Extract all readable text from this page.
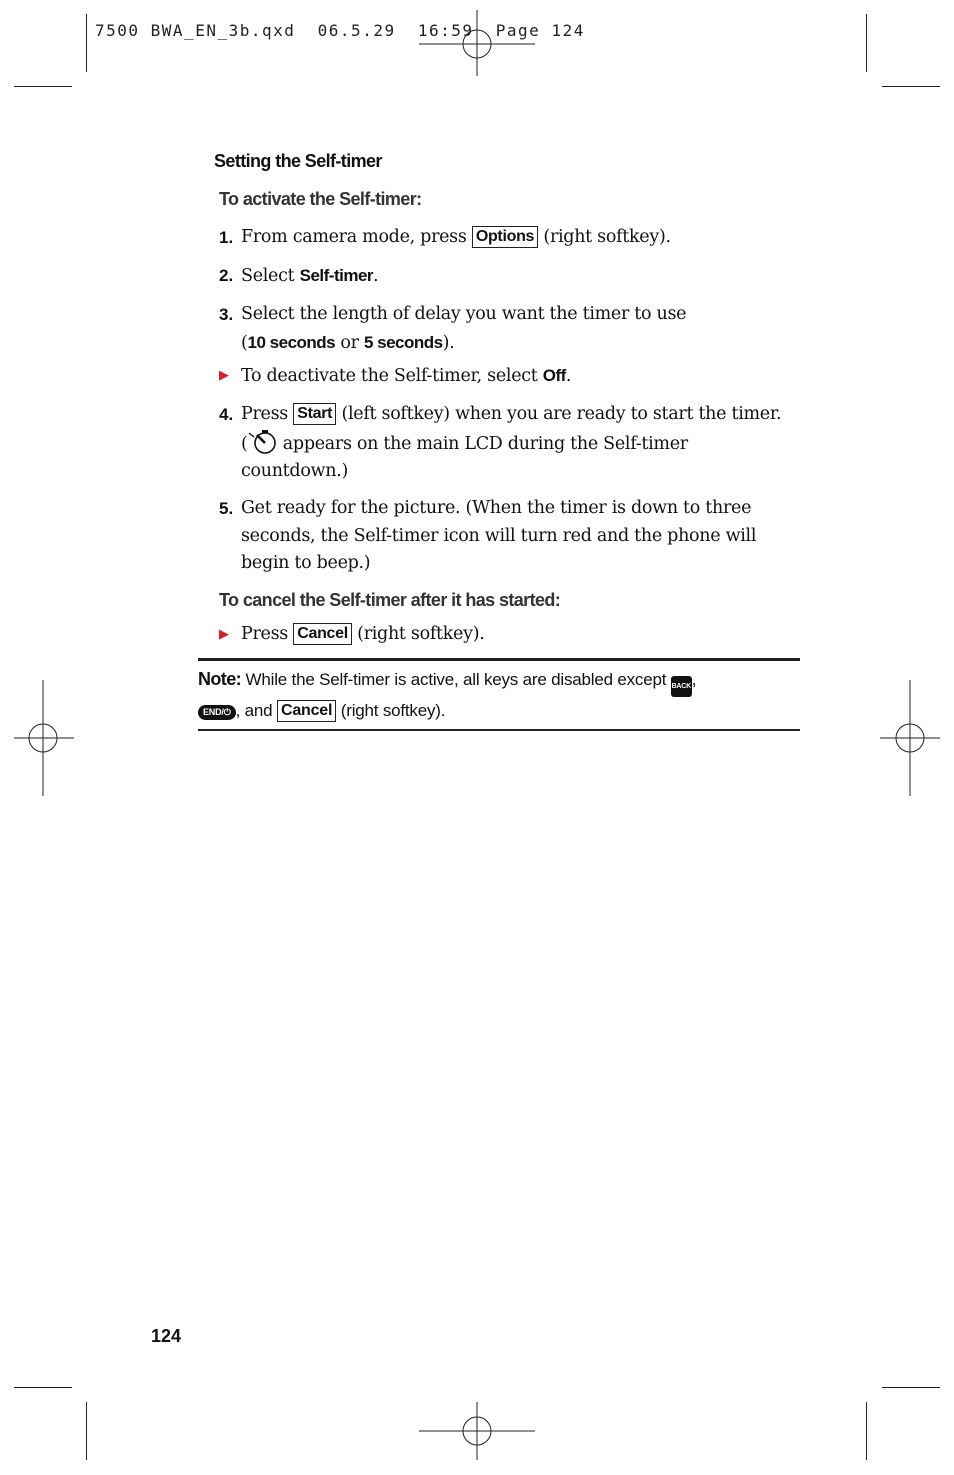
7500 BWA_EN_3b.qxd  06.5.29  16:59  Page 124
Setting the Self-timer
To activate the Self-timer:
1. From camera mode, press Options (right softkey).
2. Select Self-timer.
3. Select the length of delay you want the timer to use
(10 seconds or 5 seconds).
▶ To deactivate the Self-timer, select Off.
4. Press Start (left softkey) when you are ready to start the timer.
( appears on the main LCD during the Self-timer
countdown.)
5. Get ready for the picture. (When the timer is down to three seconds, the Self-timer icon will turn red and the phone will begin to beep.)
To cancel the Self-timer after it has started:
▶ Press Cancel (right softkey).
Note: While the Self-timer is active, all keys are disabled except BACK,
END/⏻ , and Cancel (right softkey).
124
